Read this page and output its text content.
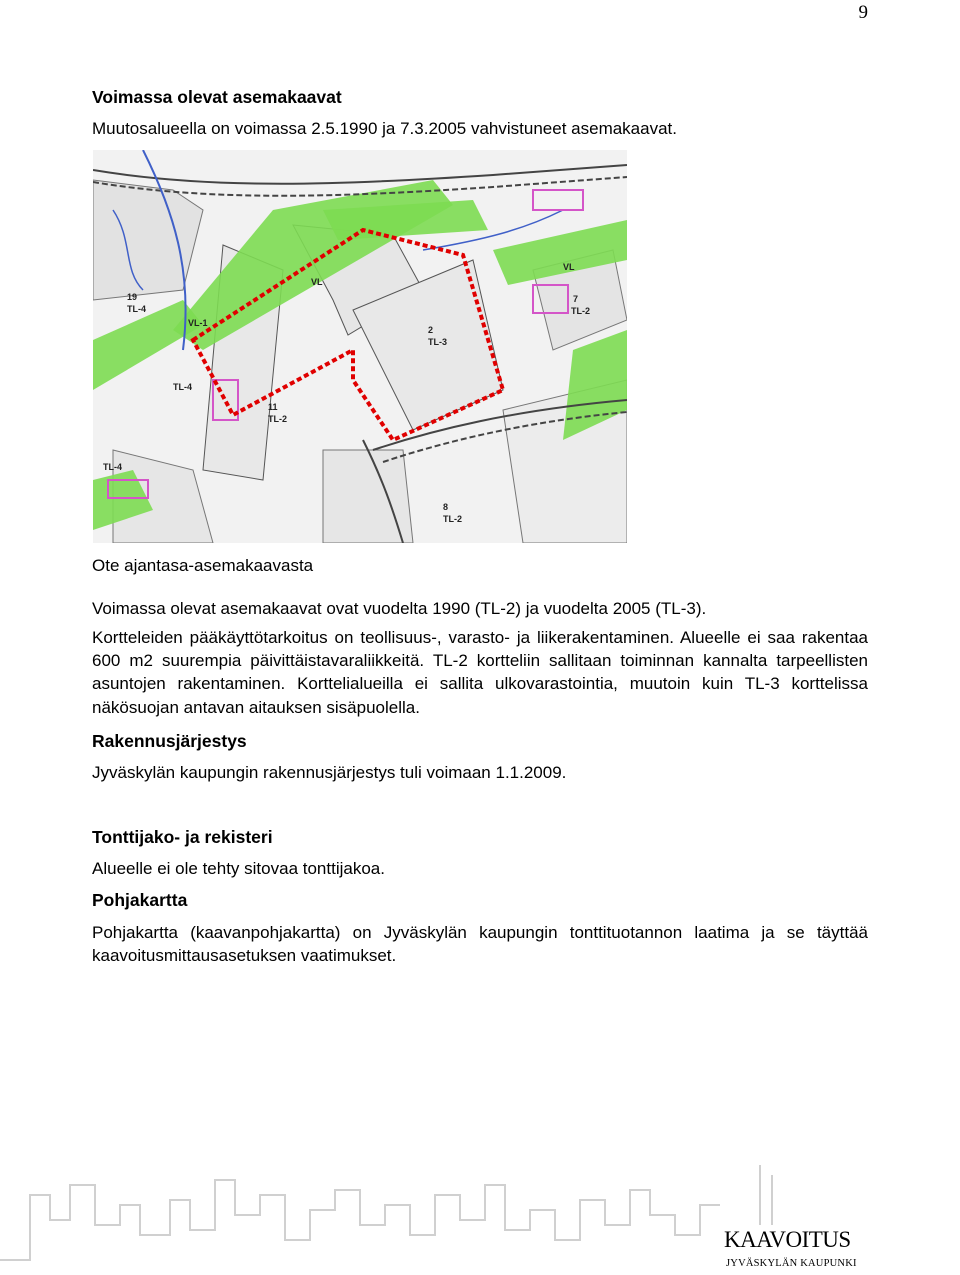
9
Voimassa olevat asemakaavat

Muutosalueella on voimassa 2.5.1990 ja 7.3.2005 vahvistuneet asemakaavat.

Ote ajantasa-asemakaavasta

Voimassa olevat asemakaavat ovat vuodelta 1990 (TL-2) ja vuodelta 2005 (TL-3).

Kortteleiden pääkäyttötarkoitus on teollisuus-, varasto- ja liikerakentaminen. Alueelle ei saa rakentaa 600 m2 suurempia päivittäistavaraliikkeitä. TL-2 kortteliin sallitaan toiminnan kannalta tarpeellisten asuntojen rakentaminen. Korttelialueilla ei sallita ulkovarastointia, muutoin kuin TL-3 korttelissa näkösuojan antavan aitauksen sisäpuolella.

Rakennusjärjestys

Jyväskylän kaupungin rakennusjärjestys tuli voimaan 1.1.2009.

Tonttijako- ja rekisteri

Alueelle ei ole tehty sitovaa tonttijakoa.

Pohjakartta

Pohjakartta (kaavanpohjakartta) on Jyväskylän kaupungin tonttituotannon laatima ja se täyttää kaavoitusmittausasetuksen vaatimukset.

19
TL-4
TL-4
TL-4
VL-1
VL
VL
11
TL-2
2
TL-3
7
TL-2
8
TL-2
KAAVOITUS
JYVÄSKYLÄN KAUPUNKI
